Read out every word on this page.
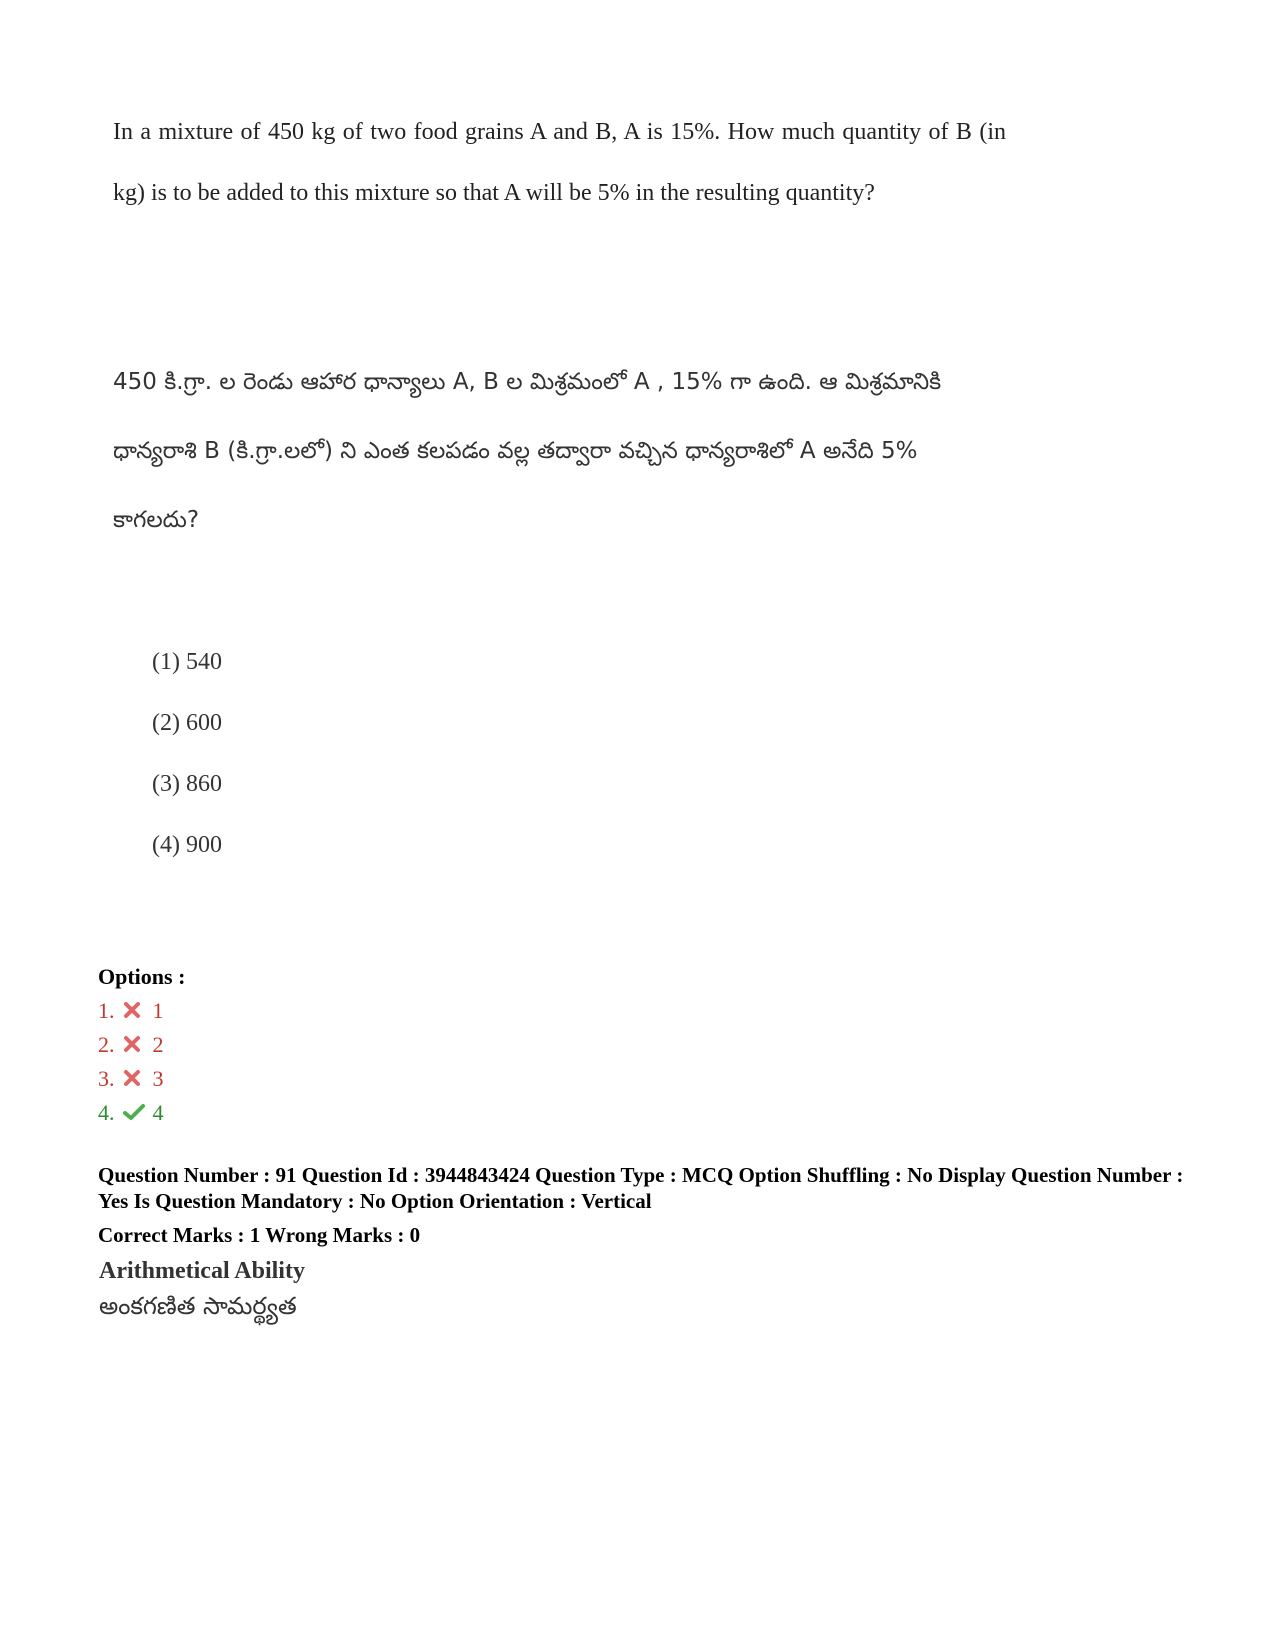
In a mixture of 450 kg of two food grains A and B, A is 15%. How much quantity of B (in kg) is to be added to this mixture so that A will be 5% in the resulting quantity?
450 కి.గ్రా. ల రెండు ఆహార ధాన్యాలు A, B ల మిశ్రమంలో A , 15% గా ఉంది. ఆ మిశ్రమానికి ధాన్యరాశి B (కి.గ్రా.లలో) ని ఎంత కలపడం వల్ల తద్వారా వచ్చిన ధాన్యరాశిలో A అనేది 5% కాగలదు?
(1) 540
(2) 600
(3) 860
(4) 900
Options :
1. 1
2. 2
3. 3
4. 4
Question Number : 91 Question Id : 3944843424 Question Type : MCQ Option Shuffling : No Display Question Number : Yes Is Question Mandatory : No Option Orientation : Vertical
Correct Marks : 1 Wrong Marks : 0
Arithmetical Ability
అంకగణిత సామర్థ్యత
